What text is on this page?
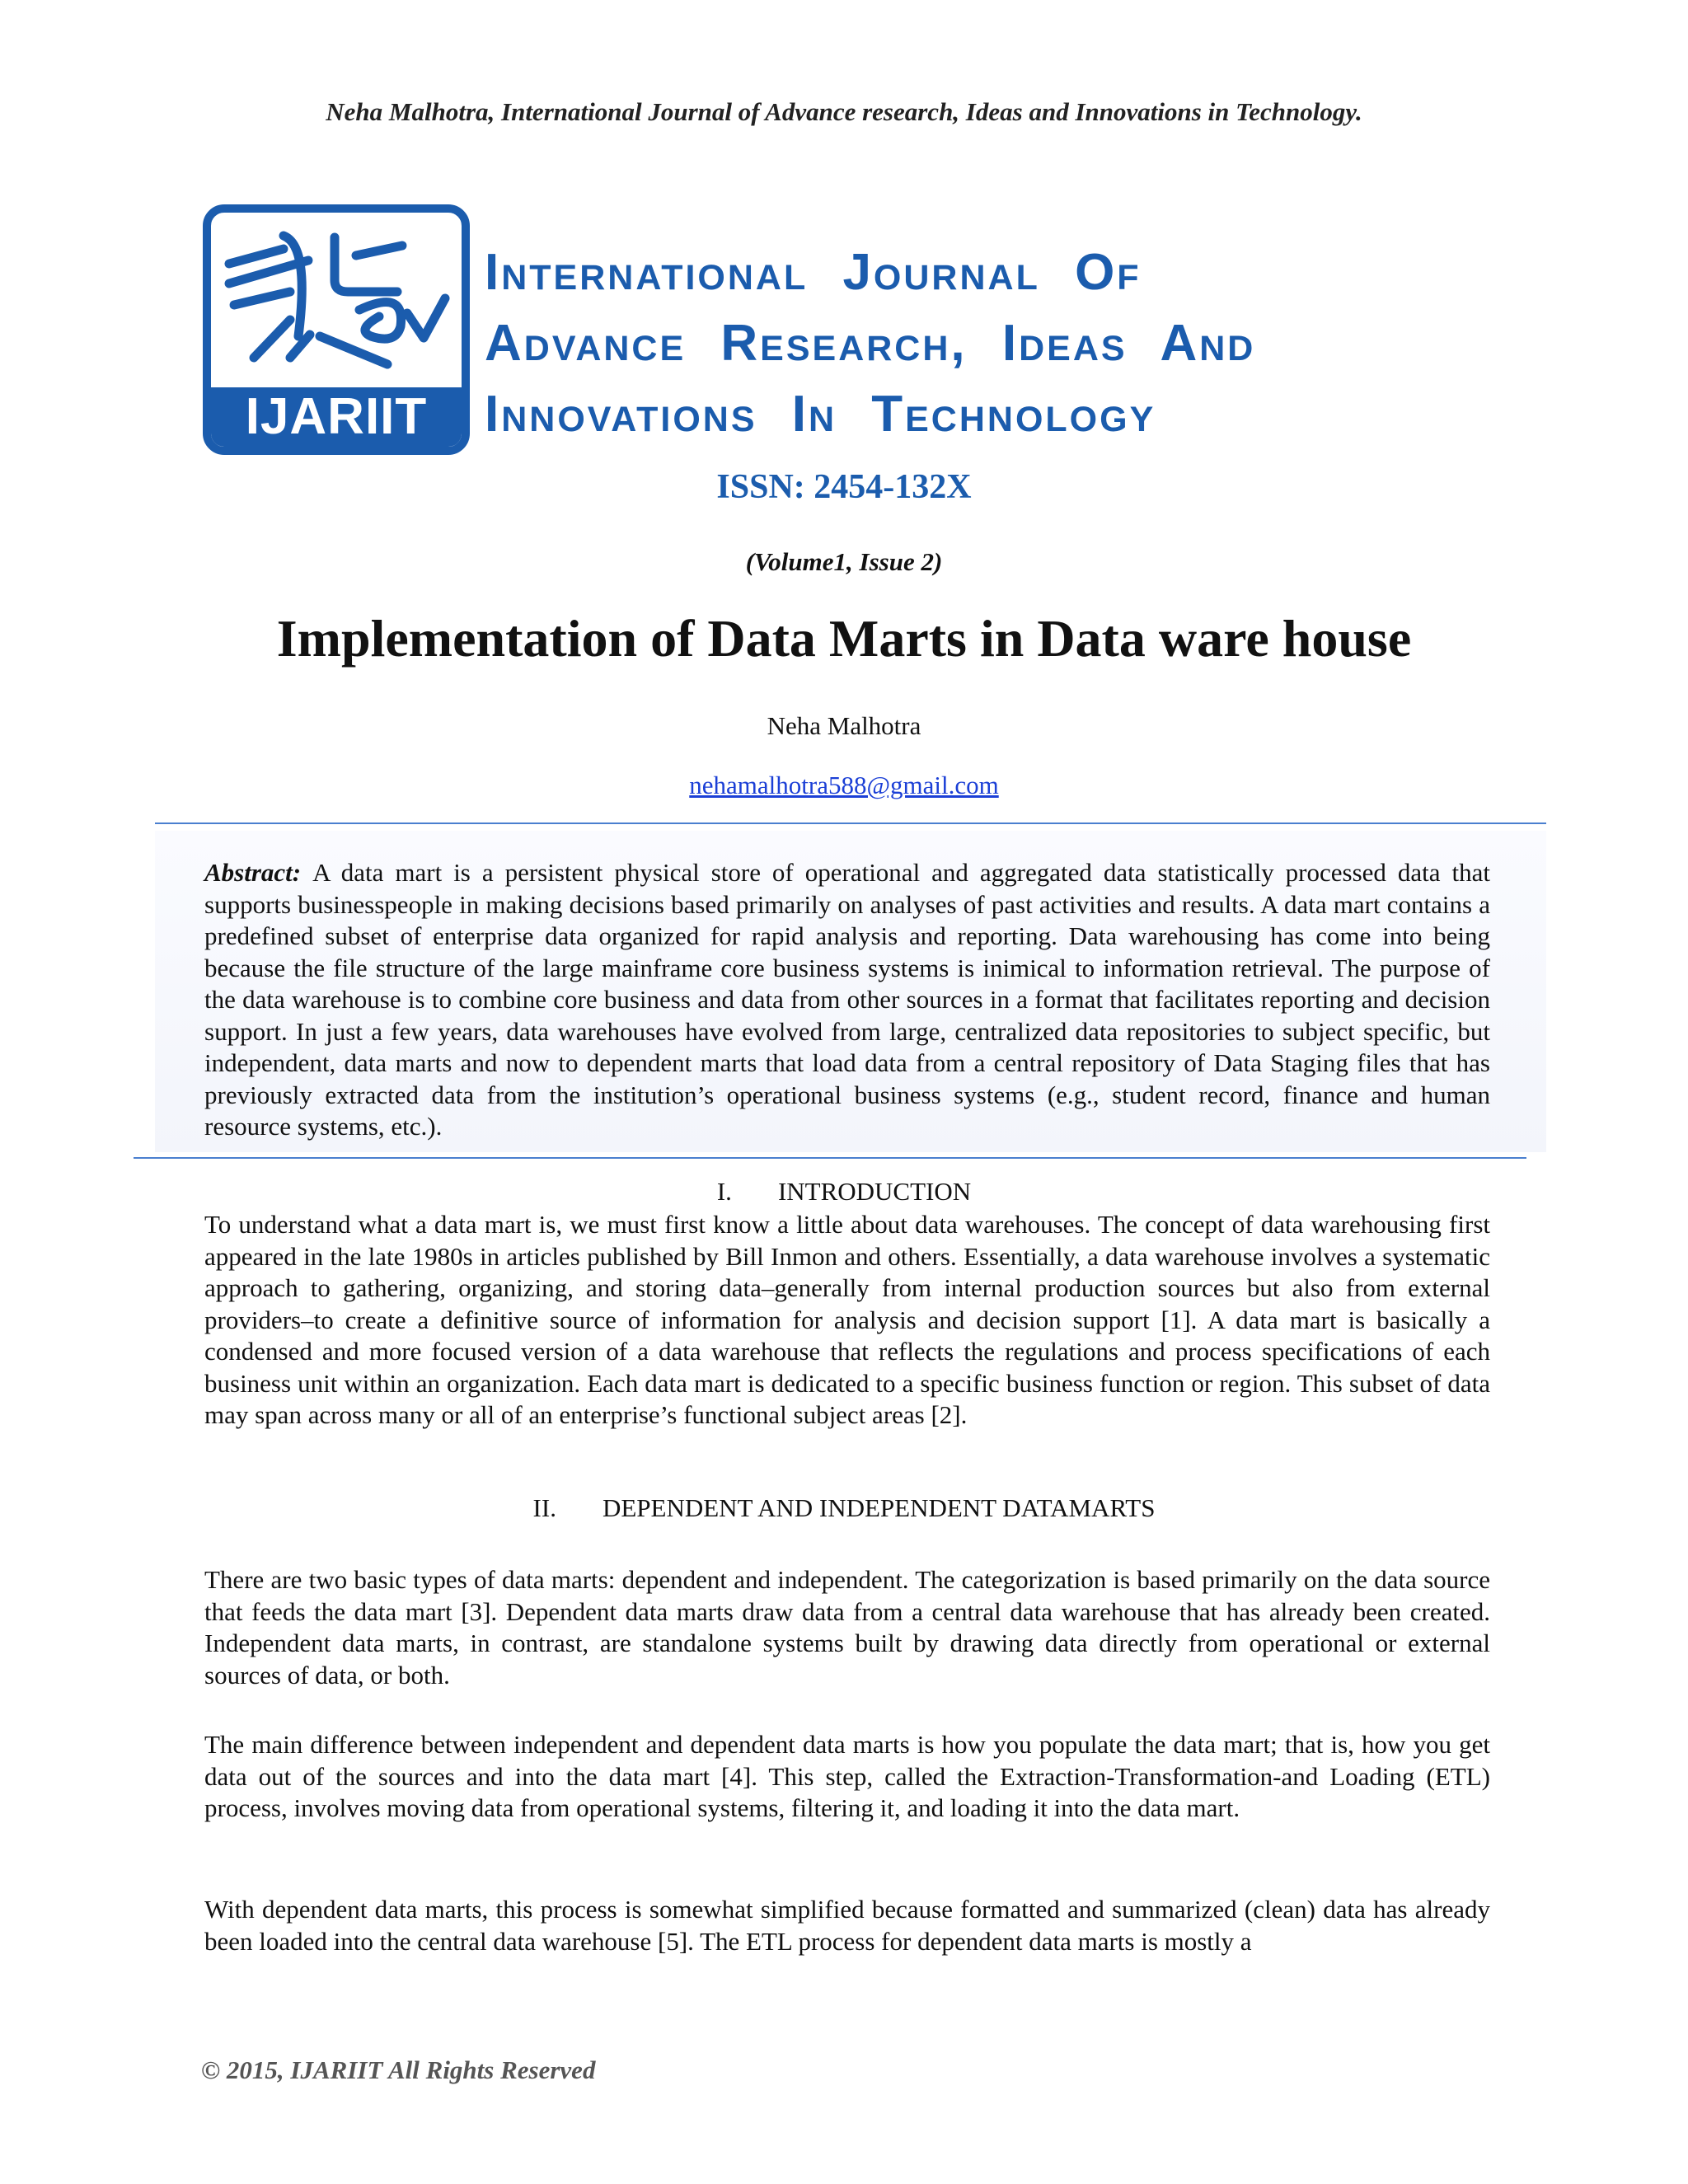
Neha Malhotra, International Journal of Advance research, Ideas and Innovations in Technology.
IJARIIT
International Journal Of
Advance Research, Ideas And
Innovations In Technology
ISSN: 2454-132X
(Volume1, Issue 2)
Implementation of Data Marts in Data ware house
Neha Malhotra
nehamalhotra588@gmail.com

Abstract: A data mart is a persistent physical store of operational and aggregated data statistically processed data that supports businesspeople in making decisions based primarily on analyses of past activities and results. A data mart contains a predefined subset of enterprise data organized for rapid analysis and reporting. Data warehousing has come into being because the file structure of the large mainframe core business systems is inimical to information retrieval. The purpose of the data warehouse is to combine core business and data from other sources in a format that facilitates reporting and decision support. In just a few years, data warehouses have evolved from large, centralized data repositories to subject specific, but independent, data marts and now to dependent marts that load data from a central repository of Data Staging files that has previously extracted data from the institution’s operational business systems (e.g., student record, finance and human resource systems, etc.).

I. INTRODUCTION

To understand what a data mart is, we must first know a little about data warehouses. The concept of data warehousing first appeared in the late 1980s in articles published by Bill Inmon and others. Essentially, a data warehouse involves a systematic approach to gathering, organizing, and storing data–generally from internal production sources but also from external providers–to create a definitive source of information for analysis and decision support [1]. A data mart is basically a condensed and more focused version of a data warehouse that reflects the regulations and process specifications of each business unit within an organization. Each data mart is dedicated to a specific business function or region. This subset of data may span across many or all of an enterprise’s functional subject areas [2].

II. DEPENDENT AND INDEPENDENT DATAMARTS

There are two basic types of data marts: dependent and independent. The categorization is based primarily on the data source that feeds the data mart [3]. Dependent data marts draw data from a central data warehouse that has already been created. Independent data marts, in contrast, are standalone systems built by drawing data directly from operational or external sources of data, or both.

The main difference between independent and dependent data marts is how you populate the data mart; that is, how you get data out of the sources and into the data mart [4]. This step, called the Extraction-Transformation-and Loading (ETL) process, involves moving data from operational systems, filtering it, and loading it into the data mart.

With dependent data marts, this process is somewhat simplified because formatted and summarized (clean) data has already been loaded into the central data warehouse [5]. The ETL process for dependent data marts is mostly a

© 2015, IJARIIT All Rights Reserved
